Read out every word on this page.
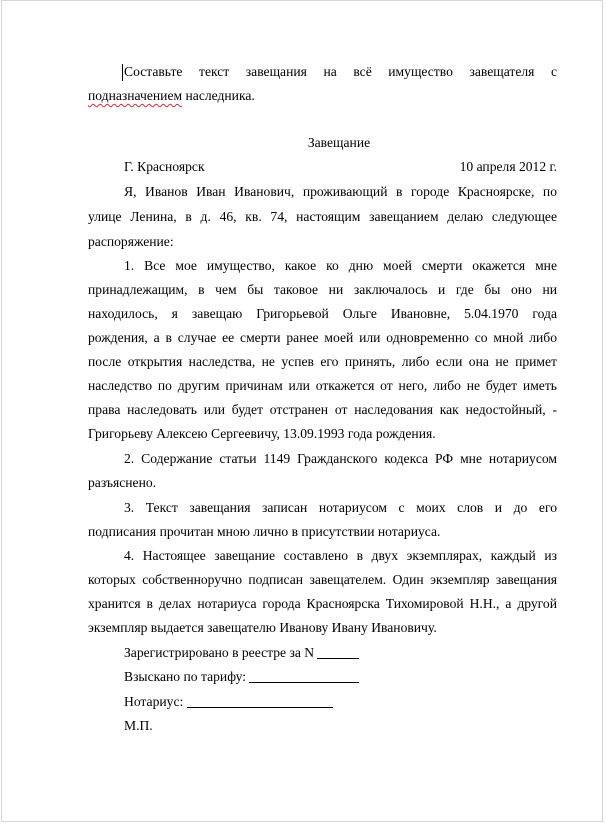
Составьте текст завещания на всё имущество завещателя с
подназначением наследника.
Завещание
Г. Красноярск	10 апреля 2012 г.
Я, Иванов Иван Иванович, проживающий в городе Красноярске, по
улице Ленина, в д. 46, кв. 74, настоящим завещанием делаю следующее
распоряжение:
1. Все мое имущество, какое ко дню моей смерти окажется мне
принадлежащим, в чем бы таковое ни заключалось и где бы оно ни
находилось, я завещаю Григорьевой Ольге Ивановне, 5.04.1970 года
рождения, а в случае ее смерти ранее моей или одновременно со мной либо
после открытия наследства, не успев его принять, либо если она не примет
наследство по другим причинам или откажется от него, либо не будет иметь
права наследовать или будет отстранен от наследования как недостойный, -
Григорьеву Алексею Сергеевичу, 13.09.1993 года рождения.
2. Содержание статьи 1149 Гражданского кодекса РФ мне нотариусом
разъяснено.
3. Текст завещания записан нотариусом с моих слов и до его
подписания прочитан мною лично в присутствии нотариуса.
4. Настоящее завещание составлено в двух экземплярах, каждый из
которых собственноручно подписан завещателем. Один экземпляр завещания
хранится в делах нотариуса города Красноярска Тихомировой Н.Н., а другой
экземпляр выдается завещателю Иванову Ивану Ивановичу.
Зарегистрировано в реестре за N
Взыскано по тарифу:
Нотариус:
М.П.
